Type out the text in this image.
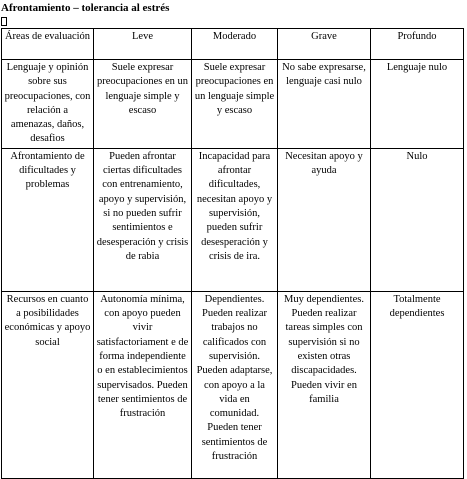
Afrontamiento – tolerancia al estrés
Áreas de evaluación	Leve	Moderado	Grave	Profundo
Lenguaje y opinión sobre sus preocupaciones, con relación a amenazas, daños, desafios	Suele expresar preocupaciones en un lenguaje simple y escaso	Suele expresar preocupaciones en un lenguaje simple y escaso	No sabe expresarse, lenguaje casi nulo	Lenguaje nulo
Afrontamiento de dificultades y problemas	Pueden afrontar ciertas dificultades con entrenamiento, apoyo y supervisión, si no pueden sufrir sentimientos e desesperación y crisis de rabia	Incapacidad para afrontar dificultades, necesitan apoyo y supervisión, pueden sufrir desesperación y crisis de ira.	Necesitan apoyo y ayuda	Nulo
Recursos en cuanto a posibilidades económicas y apoyo social	Autonomía mínima, con apoyo pueden vivir satisfactoriament e de forma independiente o en establecimientos supervisados. Pueden tener sentimientos de frustración	Dependientes. Pueden realizar trabajos no calificados con supervisión. Pueden adaptarse, con apoyo a la vida en comunidad. Pueden tener sentimientos de frustración	Muy dependientes. Pueden realizar tareas simples con supervisión si no existen otras discapacidades. Pueden vivir en familia	Totalmente dependientes
